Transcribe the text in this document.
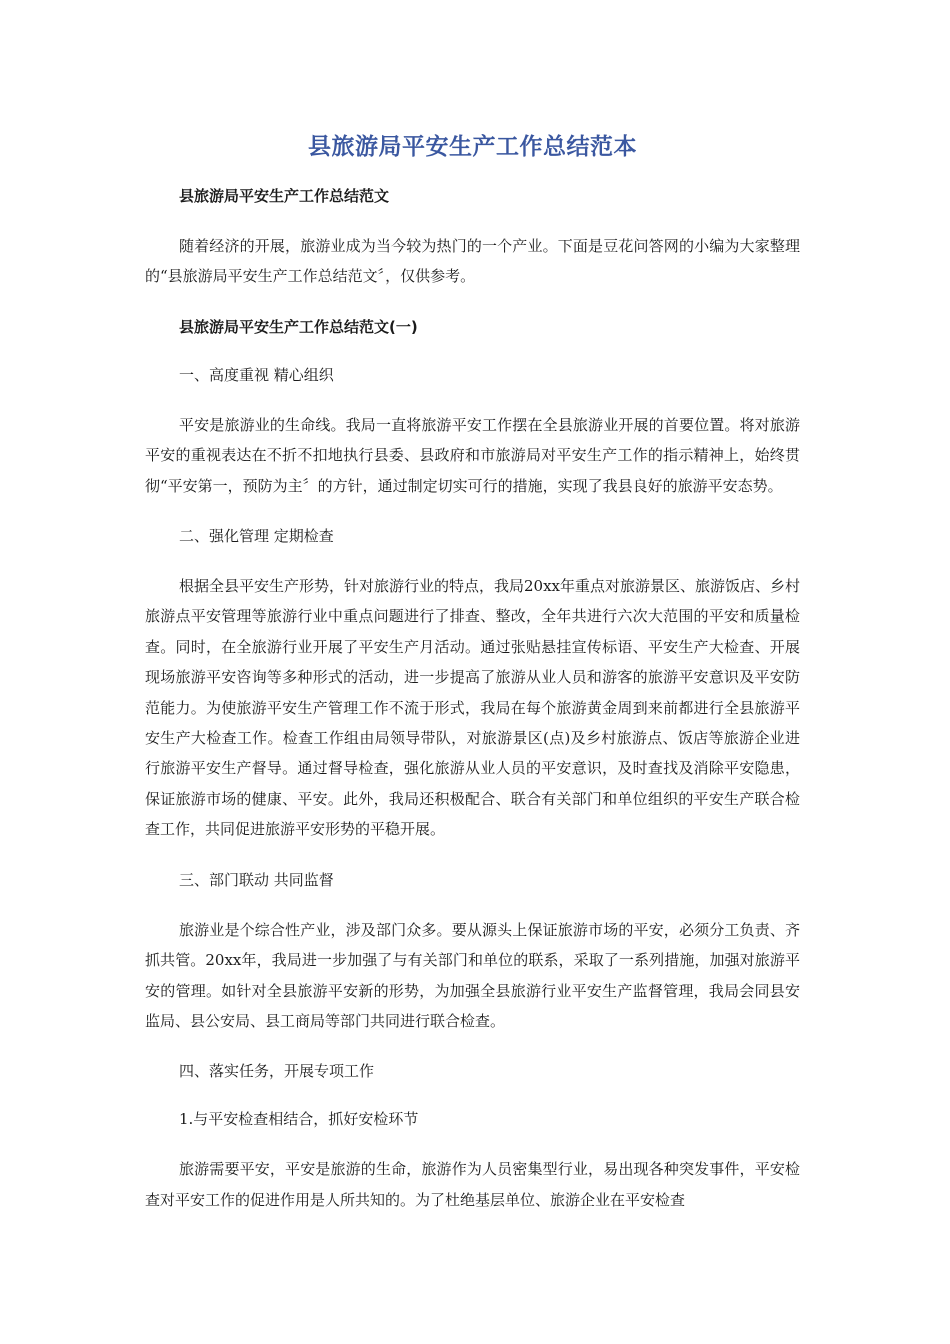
县旅游局平安生产工作总结范本

县旅游局平安生产工作总结范文

随着经济的开展，旅游业成为当今较为热门的一个产业。下面是豆花问答网的小编为大家整理的“县旅游局平安生产工作总结范文〞，仅供参考。

县旅游局平安生产工作总结范文(一)

一、高度重视 精心组织

平安是旅游业的生命线。我局一直将旅游平安工作摆在全县旅游业开展的首要位置。将对旅游平安的重视表达在不折不扣地执行县委、县政府和市旅游局对平安生产工作的指示精神上，始终贯彻“平安第一，预防为主〞的方针，通过制定切实可行的措施，实现了我县良好的旅游平安态势。

二、强化管理 定期检查

根据全县平安生产形势，针对旅游行业的特点，我局20xx年重点对旅游景区、旅游饭店、乡村旅游点平安管理等旅游行业中重点问题进行了排查、整改，全年共进行六次大范围的平安和质量检查。同时，在全旅游行业开展了平安生产月活动。通过张贴悬挂宣传标语、平安生产大检查、开展现场旅游平安咨询等多种形式的活动，进一步提高了旅游从业人员和游客的旅游平安意识及平安防范能力。为使旅游平安生产管理工作不流于形式，我局在每个旅游黄金周到来前都进行全县旅游平安生产大检查工作。检查工作组由局领导带队，对旅游景区(点)及乡村旅游点、饭店等旅游企业进行旅游平安生产督导。通过督导检查，强化旅游从业人员的平安意识，及时查找及消除平安隐患，保证旅游市场的健康、平安。此外，我局还积极配合、联合有关部门和单位组织的平安生产联合检查工作，共同促进旅游平安形势的平稳开展。

三、部门联动 共同监督

旅游业是个综合性产业，涉及部门众多。要从源头上保证旅游市场的平安，必须分工负责、齐抓共管。20xx年，我局进一步加强了与有关部门和单位的联系，采取了一系列措施，加强对旅游平安的管理。如针对全县旅游平安新的形势，为加强全县旅游行业平安生产监督管理，我局会同县安监局、县公安局、县工商局等部门共同进行联合检查。

四、落实任务，开展专项工作

1.与平安检查相结合，抓好安检环节

旅游需要平安，平安是旅游的生命，旅游作为人员密集型行业，易出现各种突发事件，平安检查对平安工作的促进作用是人所共知的。为了杜绝基层单位、旅游企业在平安检查
